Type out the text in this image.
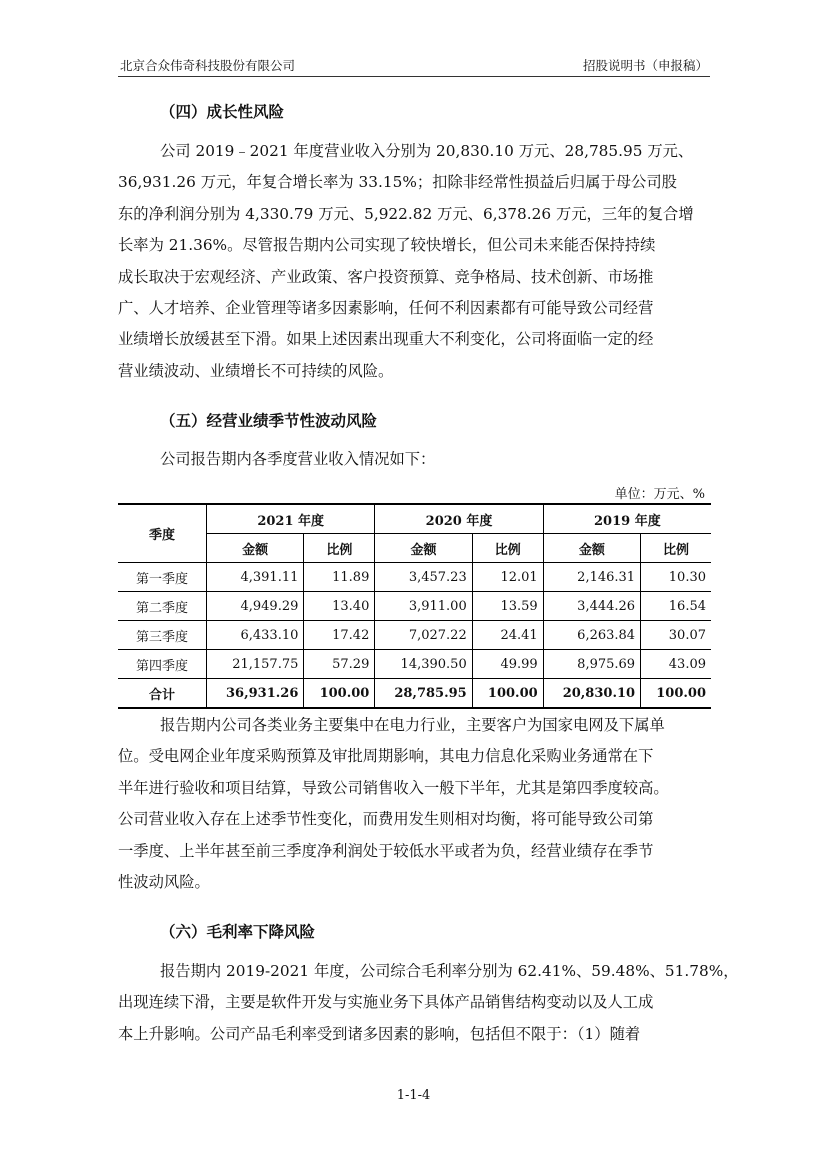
北京合众伟奇科技股份有限公司	招股说明书（申报稿）
（四）成长性风险
公司 2019﹣2021 年度营业收入分别为 20,830.10 万元、28,785.95 万元、
36,931.26 万元，年复合增长率为 33.15%；扣除非经常性损益后归属于母公司股
东的净利润分别为 4,330.79 万元、5,922.82 万元、6,378.26 万元，三年的复合增
长率为 21.36%。尽管报告期内公司实现了较快增长，但公司未来能否保持持续
成长取决于宏观经济、产业政策、客户投资预算、竞争格局、技术创新、市场推
广、人才培养、企业管理等诸多因素影响，任何不利因素都有可能导致公司经营
业绩增长放缓甚至下滑。如果上述因素出现重大不利变化，公司将面临一定的经
营业绩波动、业绩增长不可持续的风险。
（五）经营业绩季节性波动风险
公司报告期内各季度营业收入情况如下：
单位：万元、%
季度	2021 年度		2020 年度		2019 年度	
	金额	比例	金额	比例	金额	比例
第一季度	4,391.11	11.89	3,457.23	12.01	2,146.31	10.30
第二季度	4,949.29	13.40	3,911.00	13.59	3,444.26	16.54
第三季度	6,433.10	17.42	7,027.22	24.41	6,263.84	30.07
第四季度	21,157.75	57.29	14,390.50	49.99	8,975.69	43.09
合计	36,931.26	100.00	28,785.95	100.00	20,830.10	100.00
报告期内公司各类业务主要集中在电力行业，主要客户为国家电网及下属单
位。受电网企业年度采购预算及审批周期影响，其电力信息化采购业务通常在下
半年进行验收和项目结算，导致公司销售收入一般下半年，尤其是第四季度较高。
公司营业收入存在上述季节性变化，而费用发生则相对均衡，将可能导致公司第
一季度、上半年甚至前三季度净利润处于较低水平或者为负，经营业绩存在季节
性波动风险。
（六）毛利率下降风险
报告期内 2019-2021 年度，公司综合毛利率分别为 62.41%、59.48%、51.78%，
出现连续下滑，主要是软件开发与实施业务下具体产品销售结构变动以及人工成
本上升影响。公司产品毛利率受到诸多因素的影响，包括但不限于：（1）随着
1-1-4
